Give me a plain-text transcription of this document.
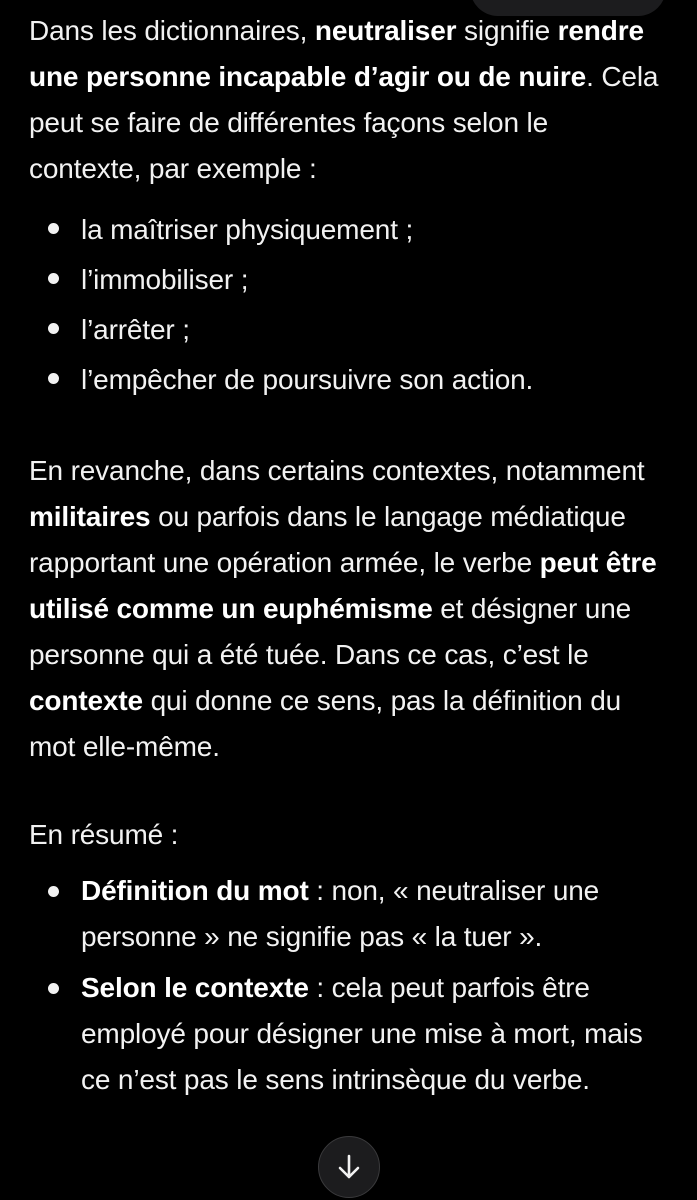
Dans les dictionnaires, neutraliser signifie rendre une personne incapable d’agir ou de nuire. Cela peut se faire de différentes façons selon le contexte, par exemple :

la maîtriser physiquement ;
l’immobiliser ;
l’arrêter ;
l’empêcher de poursuivre son action.

En revanche, dans certains contextes, notamment militaires ou parfois dans le langage médiatique rapportant une opération armée, le verbe peut être utilisé comme un euphémisme et désigner une personne qui a été tuée. Dans ce cas, c’est le contexte qui donne ce sens, pas la définition du mot elle-même.

En résumé :

Définition du mot : non, « neutraliser une personne » ne signifie pas « la tuer ».
Selon le contexte : cela peut parfois être employé pour désigner une mise à mort, mais ce n’est pas le sens intrinsèque du verbe.
